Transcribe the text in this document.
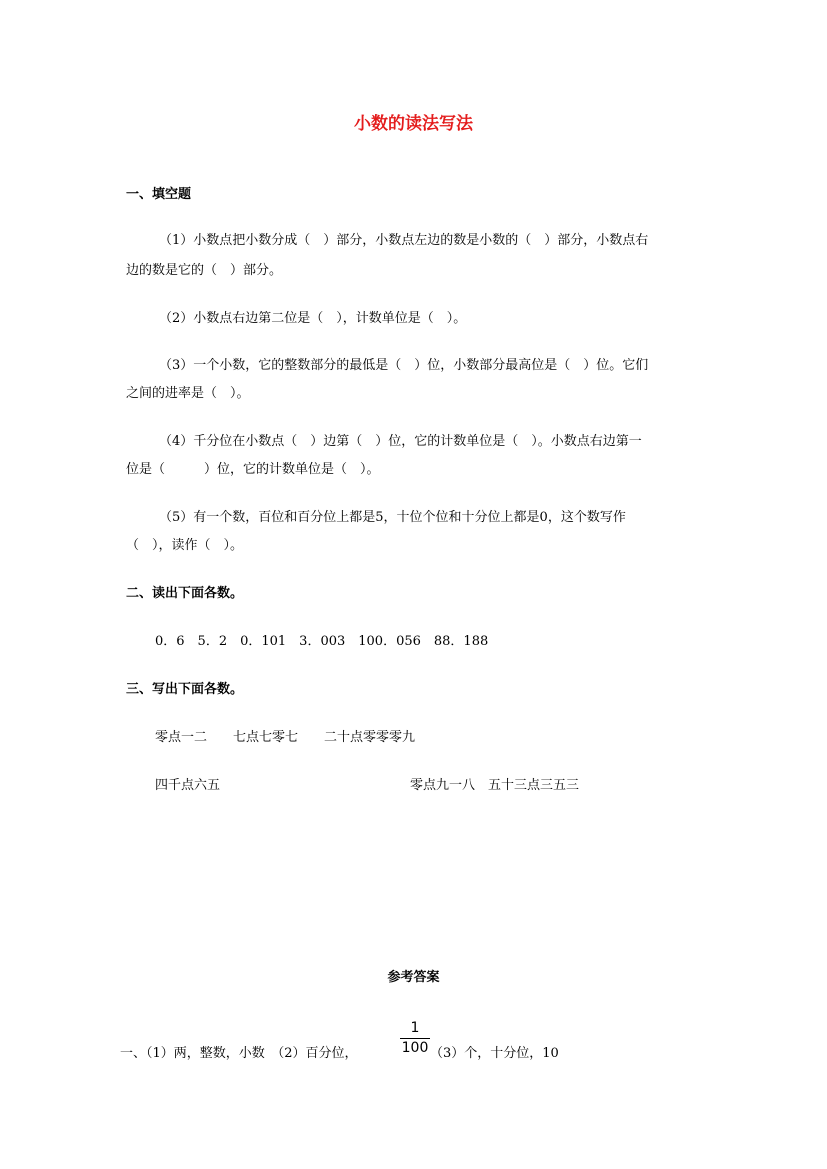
小数的读法写法
一、填空题
（1）小数点把小数分成（　）部分，小数点左边的数是小数的（　）部分，小数点右
边的数是它的（　）部分。
（2）小数点右边第二位是（　），计数单位是（　）。
（3）一个小数，它的整数部分的最低是（　）位，小数部分最高位是（　）位。它们
之间的进率是（　）。
（4）千分位在小数点（　）边第（　）位，它的计数单位是（　）。小数点右边第一
位是（　　　）位，它的计数单位是（　）。
（5）有一个数，百位和百分位上都是5，十位个位和十分位上都是0，这个数写作
（　），读作（　）。
二、读出下面各数。
0．6　5．2　0．101　3．003　100．056　88．188
三、写出下面各数。
零点一二　　七点七零七　　二十点零零零九
四千点六五	零点九一八　五十三点三五三
参考答案
一、（1）两，整数，小数　（2）百分位，
1
100 （3）个，十分位，10
